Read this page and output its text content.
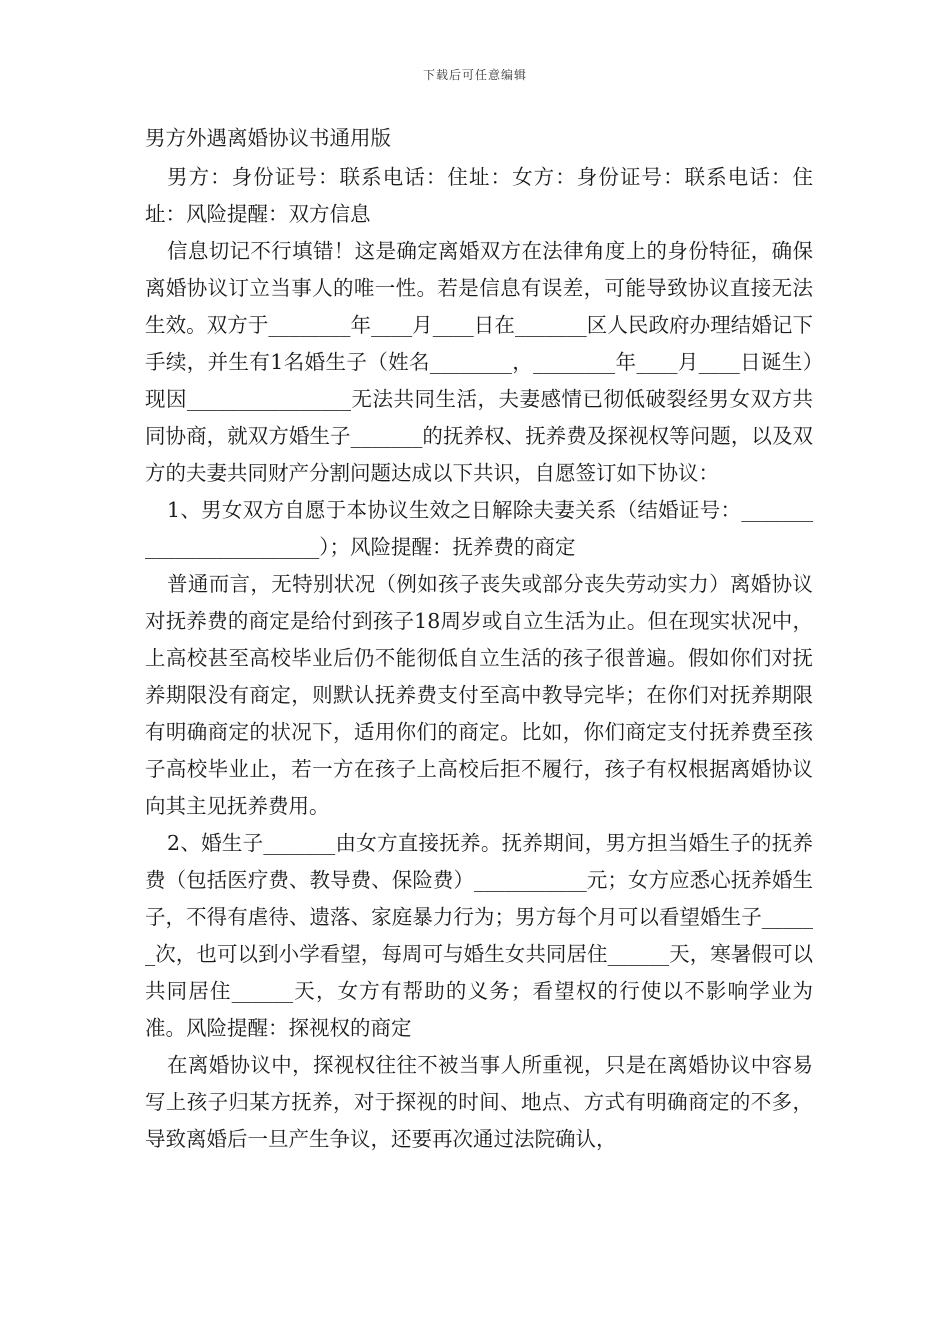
下载后可任意编辑

男方外遇离婚协议书通用版

男方：身份证号：联系电话：住址：女方：身份证号：联系电话：住址：风险提醒：双方信息

信息切记不行填错！这是确定离婚双方在法律角度上的身份特征，确保离婚协议订立当事人的唯一性。若是信息有误差，可能导致协议直接无法生效。双方于________年____月____日在_______区人民政府办理结婚记下手续，并生有1名婚生子（姓名________，________年____月____日诞生）现因________________无法共同生活，夫妻感情已彻低破裂经男女双方共同协商，就双方婚生子_______的抚养权、抚养费及探视权等问题，以及双方的夫妻共同财产分割问题达成以下共识，自愿签订如下协议：

1、男女双方自愿于本协议生效之日解除夫妻关系（结婚证号：________________________）；风险提醒：抚养费的商定

普通而言，无特别状况（例如孩子丧失或部分丧失劳动实力）离婚协议对抚养费的商定是给付到孩子18周岁或自立生活为止。但在现实状况中，上高校甚至高校毕业后仍不能彻低自立生活的孩子很普遍。假如你们对抚养期限没有商定，则默认抚养费支付至高中教导完毕；在你们对抚养期限有明确商定的状况下，适用你们的商定。比如，你们商定支付抚养费至孩子高校毕业止，若一方在孩子上高校后拒不履行，孩子有权根据离婚协议向其主见抚养费用。

2、婚生子_______由女方直接抚养。抚养期间，男方担当婚生子的抚养费（包括医疗费、教导费、保险费）___________元；女方应悉心抚养婚生子，不得有虐待、遗落、家庭暴力行为；男方每个月可以看望婚生子______次，也可以到小学看望，每周可与婚生女共同居住______天，寒暑假可以共同居住______天，女方有帮助的义务；看望权的行使以不影响学业为准。风险提醒：探视权的商定

在离婚协议中，探视权往往不被当事人所重视，只是在离婚协议中容易写上孩子归某方抚养，对于探视的时间、地点、方式有明确商定的不多，导致离婚后一旦产生争议，还要再次通过法院确认，
